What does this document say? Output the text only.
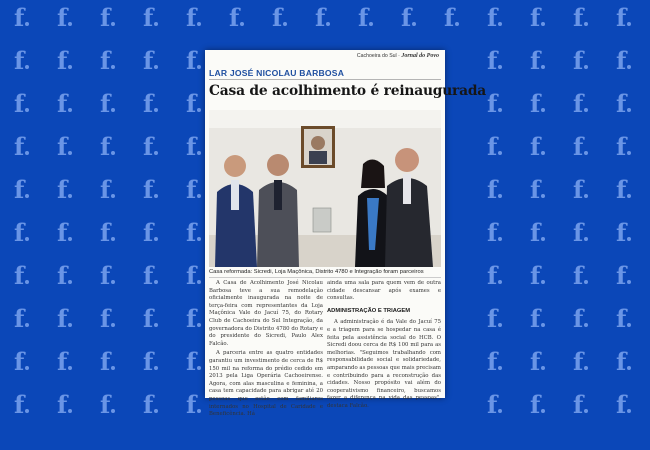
f f f f f f f f f f f f f f f
f f f f f	f f f f
f f f f f	f f f f
f f f f f	f f f f
f f f f f	f f f f
f f f f f	f f f f
f f f f f	f f f f
f f f f f	f f f f
f f f f f	f f f f
f f f f f	f f f f
Cachoeira do Sul · Jornal do Povo
LAR JOSÉ NICOLAU BARBOSA
Casa de acolhimento é reinaugurada
Casa reformada: Sicredi, Loja Maçônica, Distrito 4780 e Integração foram parceiros

A Casa de Acolhimento José Nicolau Barbosa teve a sua remodelação oficialmente inaugurada na noite de terça-feira com representantes da Loja Maçônica Vale do Jacuí 75, do Rotary Club de Cachoeira do Sul Integração, da governadora do Distrito 4780 do Rotary e do presidente do Sicredi, Paulo Alex Falcão.

A parceria entre as quatro entidades garantiu um investimento de cerca de R$ 150 mil na reforma do prédio cedido em 2013 pela Liga Operária Cachoeirense. Agora, com alas masculina e feminina, a casa tem capacidade para abrigar até 20 pessoas que estão com familiares internados no Hospital de Caridade e Beneficência. Há

ainda uma sala para quem vem de outra cidade descansar após exames e consultas.

ADMINISTRAÇÃO E TRIAGEM

A administração é da Vale do Jacuí 75 e a triagem para se hospedar na casa é feita pela assistência social do HCB. O Sicredi doou cerca de R$ 100 mil para as melhorias. "Seguimos trabalhando com responsabilidade social e solidariedade, amparando as pessoas que mais precisam e contribuindo para a reconstrução das cidades. Nosso propósito vai além do cooperativismo financeiro, buscamos fazer a diferença na vida das pessoas", destaca Falcão.
